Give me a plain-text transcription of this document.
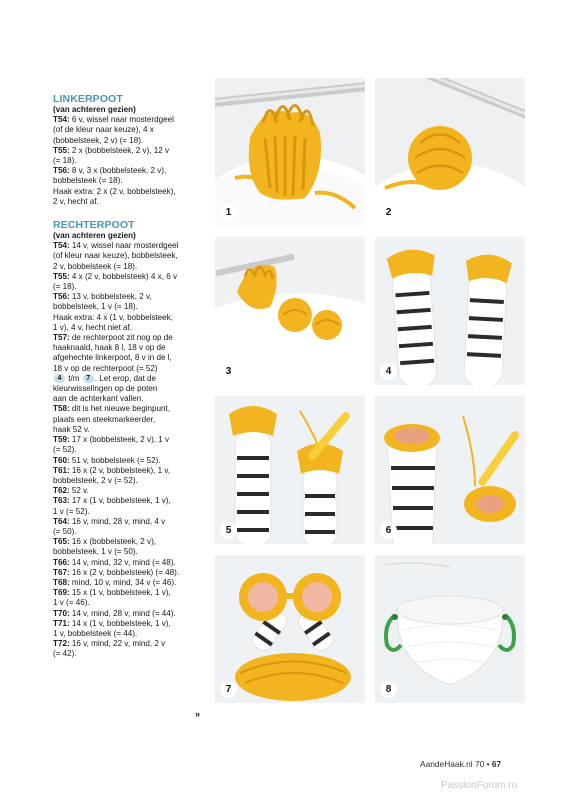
LINKERPOOT
(van achteren gezien)
T54: 6 v, wissel naar mosterdgeel
(of de kleur naar keuze), 4 x
(bobbelsteek, 2 v) (= 18).
T55: 2 x (bobbelsteek, 2 v), 12 v
(= 18).
T56: 8 v, 3 x (bobbelsteek, 2 v),
bobbelsteek (= 18).
Haak extra: 2 x (2 v, bobbelsteek),
2 v, hecht af.
RECHTERPOOT
(van achteren gezien)
T54: 14 v, wissel naar mosterdgeel
(of kleur naar keuze), bobbelsteek,
2 v, bobbelsteek (= 18).
T55: 4 x (2 v, bobbelsteek) 4 x, 6 v
(= 18).
T56: 13 v, bobbelsteek, 2 v,
bobbelsteek, 1 v (= 18).
Haak extra: 4 x (1 v, bobbelsteek,
1 v), 4 v, hecht niet af.
T57: de rechterpoot zit nog op de
haaknaald, haak 8 l, 18 v op de
afgehechte linkerpoot, 8 v in de l,
18 v op de rechterpoot (= 52)
4 t/m 7 . Let erop, dat de
kleurwisselingen op de poten
aan de achterkant vallen.
T58: dit is het nieuwe beginpunt,
plaats een steekmarkeerder,
haak 52 v.
T59: 17 x (bobbelsteek, 2 v), 1 v
(= 52).
T60: 51 v, bobbelsteek (= 52).
T61: 16 x (2 v, bobbelsteek), 1 v,
bobbelsteek, 2 v (= 52).
T62: 52 v.
T63: 17 x (1 v, bobbelsteek, 1 v),
1 v (= 52).
T64: 16 v, mind, 28 v, mind, 4 v
(= 50).
T65: 16 x (bobbelsteek, 2 v),
bobbelsteek, 1 v (= 50).
T66: 14 v, mind, 32 v, mind (= 48).
T67: 16 x (2 v, bobbelsteek) (= 48).
T68: mind, 10 v, mind, 34 v (= 46).
T69: 15 x (1 v, bobbelsteek, 1 v),
1 v (= 46).
T70: 14 v, mind, 28 v, mind (= 44).
T71: 14 x (1 v, bobbelsteek, 1 v),
1 v, bobbelsteek (= 44).
T72: 16 v, mind, 22 v, mind, 2 v
(= 42).
»
1	2
3	4
5	6
7	8
AandeHaak.nl 70 • 67
PassionForum.ru
